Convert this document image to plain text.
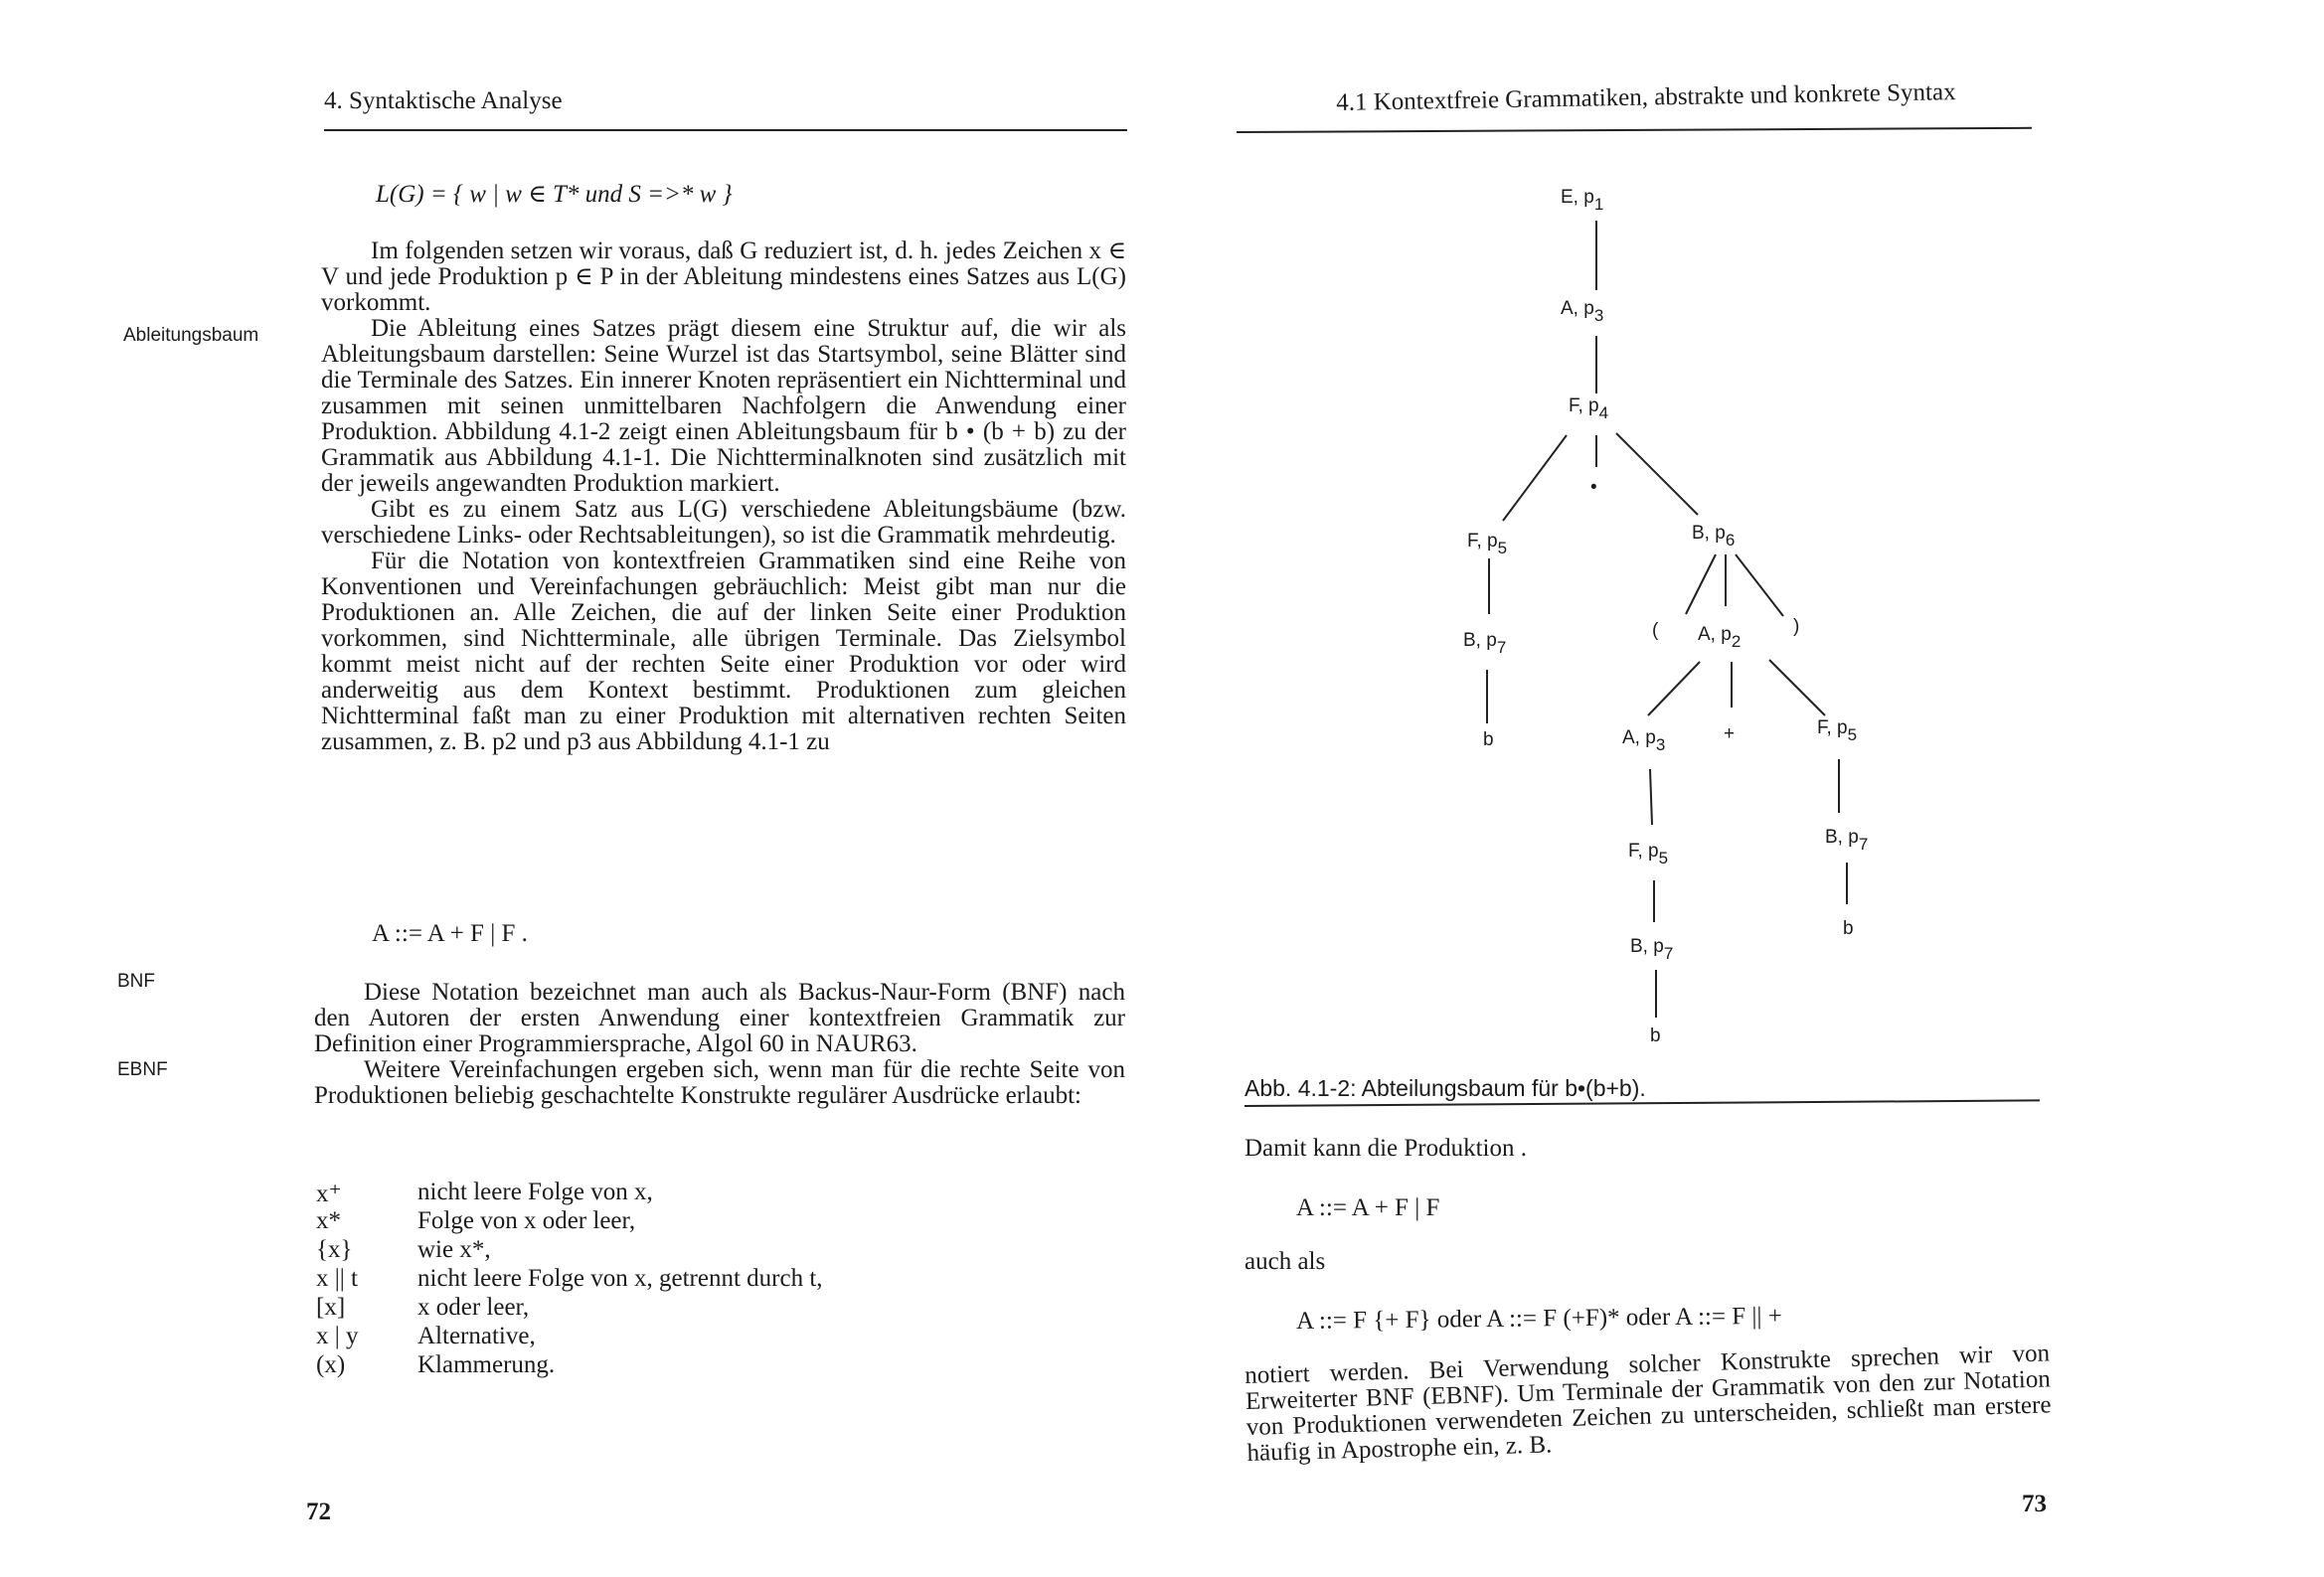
4. Syntaktische Analyse
L(G) = { w | w ∈ T* und S =>* w }

Im folgenden setzen wir voraus, daß G reduziert ist, d. h. jedes Zeichen x ∈ V und jede Produktion p ∈ P in der Ableitung mindestens eines Satzes aus L(G) vorkommt.

Die Ableitung eines Satzes prägt diesem eine Struktur auf, die wir als Ableitungsbaum darstellen: Seine Wurzel ist das Startsymbol, seine Blätter sind die Terminale des Satzes. Ein innerer Knoten repräsentiert ein Nichtterminal und zusammen mit seinen unmittelbaren Nachfolgern die Anwendung einer Produktion. Abbildung 4.1-2 zeigt einen Ableitungsbaum für b • (b + b) zu der Grammatik aus Abbildung 4.1-1. Die Nichtterminalknoten sind zusätzlich mit der jeweils angewandten Produktion markiert.

Gibt es zu einem Satz aus L(G) verschiedene Ableitungsbäume (bzw. verschiedene Links- oder Rechtsableitungen), so ist die Grammatik mehrdeutig.

Für die Notation von kontextfreien Grammatiken sind eine Reihe von Konventionen und Vereinfachungen gebräuchlich: Meist gibt man nur die Produktionen an. Alle Zeichen, die auf der linken Seite einer Produktion vorkommen, sind Nichtterminale, alle übrigen Terminale. Das Zielsymbol kommt meist nicht auf der rechten Seite einer Produktion vor oder wird anderweitig aus dem Kontext bestimmt. Produktionen zum gleichen Nichtterminal faßt man zu einer Produktion mit alternativen rechten Seiten zusammen, z. B. p2 und p3 aus Abbildung 4.1-1 zu

A ::= A + F | F .

Diese Notation bezeichnet man auch als Backus-Naur-Form (BNF) nach den Autoren der ersten Anwendung einer kontextfreien Grammatik zur Definition einer Programmiersprache, Algol 60 in NAUR63.

Weitere Vereinfachungen ergeben sich, wenn man für die rechte Seite von Produktionen beliebig geschachtelte Konstrukte regulärer Ausdrücke erlaubt:

Ableitungsbaum
BNF
EBNF
x⁺	nicht leere Folge von x,
x*	Folge von x oder leer,
{x}	wie x*,
x || t nicht leere Folge von x, getrennt durch t,
[x]	x oder leer,
x | y Alternative,
(x)	Klammerung.
72
4.1 Kontextfreie Grammatiken, abstrakte und konkrete Syntax
E, $p_1$
A, $p_3$
F, $p_4$
•
F, $p_5$
B, $p_6$
B, $p_7$
( A, $p_2$
)
b	A, $p_3$
+	F, $p_5$
F, $p_5$
B, $p_7$
B, $p_7$
b
b
Abb. 4.1-2: Abteilungsbaum für b•(b+b).
Damit kann die Produktion .
A ::= A + F | F
auch als
A ::= F {+ F} oder A ::= F (+F)* oder A ::= F || +

notiert werden. Bei Verwendung solcher Konstrukte sprechen wir von Erweiterter BNF (EBNF). Um Terminale der Grammatik von den zur Notation von Produktionen verwendeten Zeichen zu unterscheiden, schließt man erstere häufig in Apostrophe ein, z. B.

73
